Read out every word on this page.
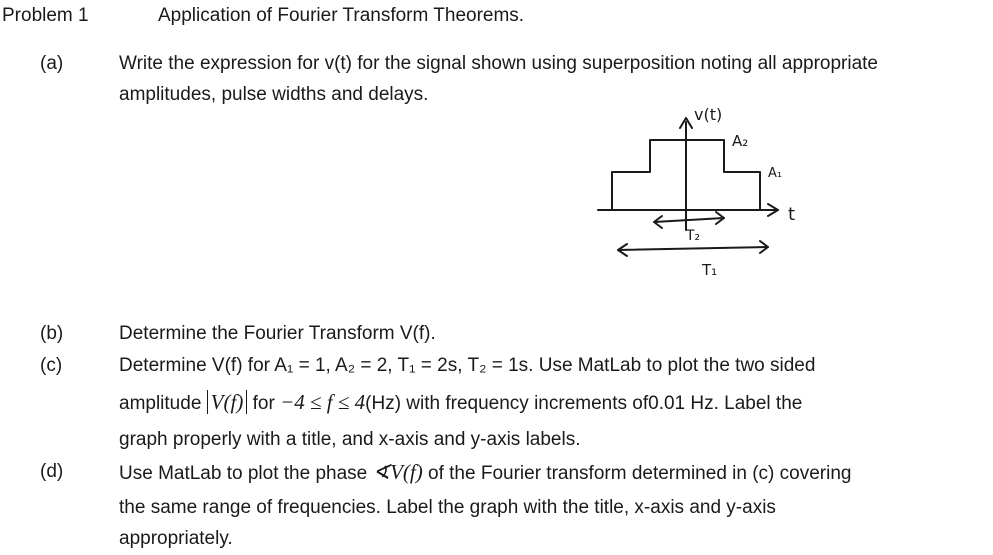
Problem 1	Application of Fourier Transform Theorems.
(a)	Write the expression for v(t) for the signal shown using superposition noting all appropriate
amplitudes, pulse widths and delays.
v(t)
A₂
A₁
t
T₂
T₁
(b)	Determine the Fourier Transform V(f).
(c)	Determine V(f) for A₁ = 1, A₂ = 2, T₁ = 2s, T₂ = 1s. Use MatLab to plot the two sided
amplitude V(f) for −4 ≤ f ≤ 4(Hz) with frequency increments of0.01 Hz. Label the
graph properly with a title, and x-axis and y-axis labels.
(d)	Use MatLab to plot the phase ∢V(f) of the Fourier transform determined in (c) covering
the same range of frequencies. Label the graph with the title, x-axis and y-axis
appropriately.
